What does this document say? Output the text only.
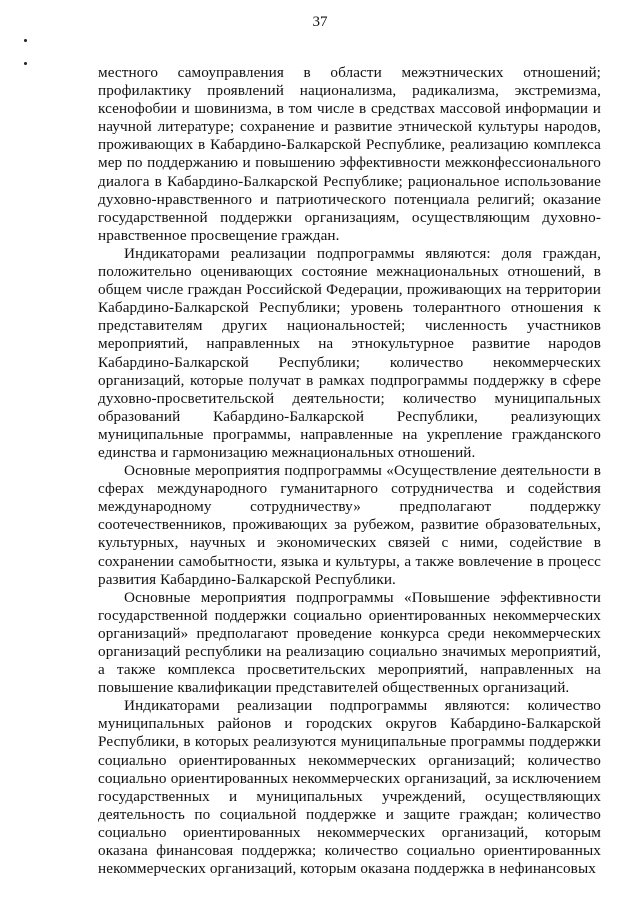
37

местного самоуправления в области межэтнических отношений; профилактику проявлений национализма, радикализма, экстремизма, ксенофобии и шовинизма, в том числе в средствах массовой информации и научной литературе; сохранение и развитие этнической культуры народов, проживающих в Кабардино-Балкарской Республике, реализацию комплекса мер по поддержанию и повышению эффективности межконфессионального диалога в Кабардино-Балкарской Республике; рациональное использование духовно-нравственного и патриотического потенциала религий; оказание государственной поддержки организациям, осуществляющим духовно-нравственное просвещение граждан.

Индикаторами реализации подпрограммы являются: доля граждан, положительно оценивающих состояние межнациональных отношений, в общем числе граждан Российской Федерации, проживающих на территории Кабардино-Балкарской Республики; уровень толерантного отношения к представителям других национальностей; численность участников мероприятий, направленных на этнокультурное развитие народов Кабардино-Балкарской Республики; количество некоммерческих организаций, которые получат в рамках подпрограммы поддержку в сфере духовно-просветительской деятельности; количество муниципальных образований Кабардино-Балкарской Республики, реализующих муниципальные программы, направленные на укрепление гражданского единства и гармонизацию межнациональных отношений.

Основные мероприятия подпрограммы «Осуществление деятельности в сферах международного гуманитарного сотрудничества и содействия международному сотрудничеству» предполагают поддержку соотечественников, проживающих за рубежом, развитие образовательных, культурных, научных и экономических связей с ними, содействие в сохранении самобытности, языка и культуры, а также вовлечение в процесс развития Кабардино-Балкарской Республики.

Основные мероприятия подпрограммы «Повышение эффективности государственной поддержки социально ориентированных некоммерческих организаций» предполагают проведение конкурса среди некоммерческих организаций республики на реализацию социально значимых мероприятий, а также комплекса просветительских мероприятий, направленных на повышение квалификации представителей общественных организаций.

Индикаторами реализации подпрограммы являются: количество муниципальных районов и городских округов Кабардино-Балкарской Республики, в которых реализуются муниципальные программы поддержки социально ориентированных некоммерческих организаций; количество социально ориентированных некоммерческих организаций, за исключением государственных и муниципальных учреждений, осуществляющих деятельность по социальной поддержке и защите граждан; количество социально ориентированных некоммерческих организаций, которым оказана финансовая поддержка; количество социально ориентированных некоммерческих организаций, которым оказана поддержка в нефинансовых
